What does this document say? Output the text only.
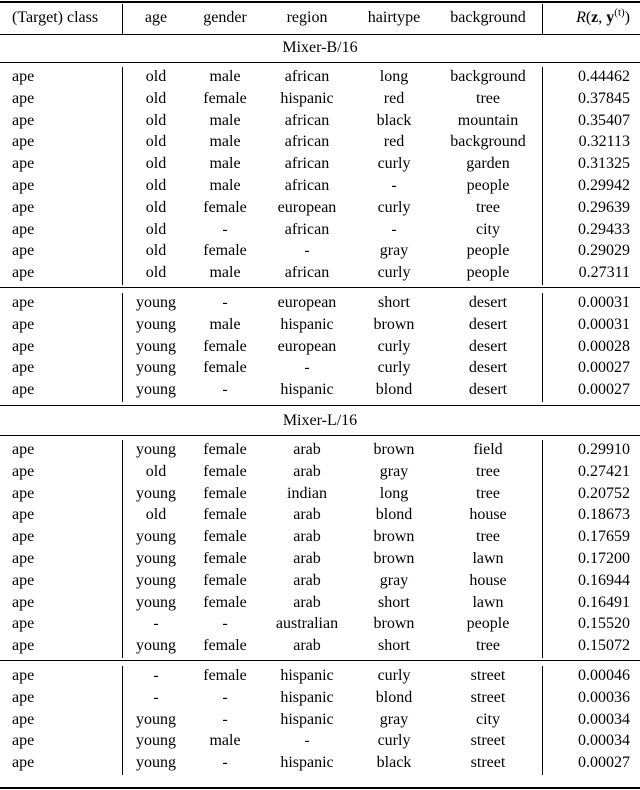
(Target) class	age	gender	region	hairtype	background	R(z, $y^{(t)}$)
Mixer-B/16
ape	old	male	african	long	background	0.44462
ape	old	female	hispanic	red	tree	0.37845
ape	old	male	african	black	mountain	0.35407
ape	old	male	african	red	background	0.32113
ape	old	male	african	curly	garden	0.31325
ape	old	male	african	-	people	0.29942
ape	old	female	european	curly	tree	0.29639
ape	old	-	african	-	city	0.29433
ape	old	female	-	gray	people	0.29029
ape	old	male	african	curly	people	0.27311
ape	young	-	european	short	desert	0.00031
ape	young	male	hispanic	brown	desert	0.00031
ape	young	female	european	curly	desert	0.00028
ape	young	female	-	curly	desert	0.00027
ape	young	-	hispanic	blond	desert	0.00027
Mixer-L/16
ape	young	female	arab	brown	field	0.29910
ape	old	female	arab	gray	tree	0.27421
ape	young	female	indian	long	tree	0.20752
ape	old	female	arab	blond	house	0.18673
ape	young	female	arab	brown	tree	0.17659
ape	young	female	arab	brown	lawn	0.17200
ape	young	female	arab	gray	house	0.16944
ape	young	female	arab	short	lawn	0.16491
ape	-	-	australian	brown	people	0.15520
ape	young	female	arab	short	tree	0.15072
ape	-	female	hispanic	curly	street	0.00046
ape	-	-	hispanic	blond	street	0.00036
ape	young	-	hispanic	gray	city	0.00034
ape	young	male	-	curly	street	0.00034
ape	young	-	hispanic	black	street	0.00027
